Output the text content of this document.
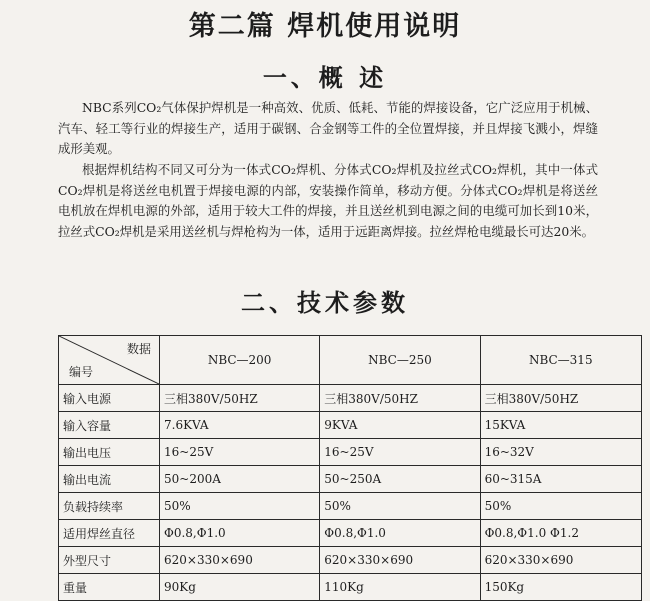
第二篇 焊机使用说明
一、概 述

NBC系列CO₂气体保护焊机是一种高效、优质、低耗、节能的焊接设备，它广泛应用于机械、汽车、轻工等行业的焊接生产，适用于碳钢、合金钢等工件的全位置焊接，并且焊接飞溅小，焊缝成形美观。

根据焊机结构不同又可分为一体式CO₂焊机、分体式CO₂焊机及拉丝式CO₂焊机，其中一体式CO₂焊机是将送丝电机置于焊接电源的内部，安装操作简单，移动方便。分体式CO₂焊机是将送丝电机放在焊机电源的外部，适用于较大工件的焊接，并且送丝机到电源之间的电缆可加长到10米，拉丝式CO₂焊机是采用送丝机与焊枪构为一体，适用于远距离焊接。拉丝焊枪电缆最长可达20米。

二、技术参数
数据
编号	NBC—200	NBC—250	NBC—315
输入电源	三相380V/50HZ	三相380V/50HZ	三相380V/50HZ
输入容量	7.6KVA	9KVA	15KVA
输出电压	16~25V	16~25V	16~32V
输出电流	50~200A	50~250A	60~315A
负载持续率	50%	50%	50%
适用焊丝直径	Φ0.8,Φ1.0	Φ0.8,Φ1.0	Φ0.8,Φ1.0 Φ1.2
外型尺寸	620×330×690	620×330×690	620×330×690
重量	90Kg	110Kg	150Kg
